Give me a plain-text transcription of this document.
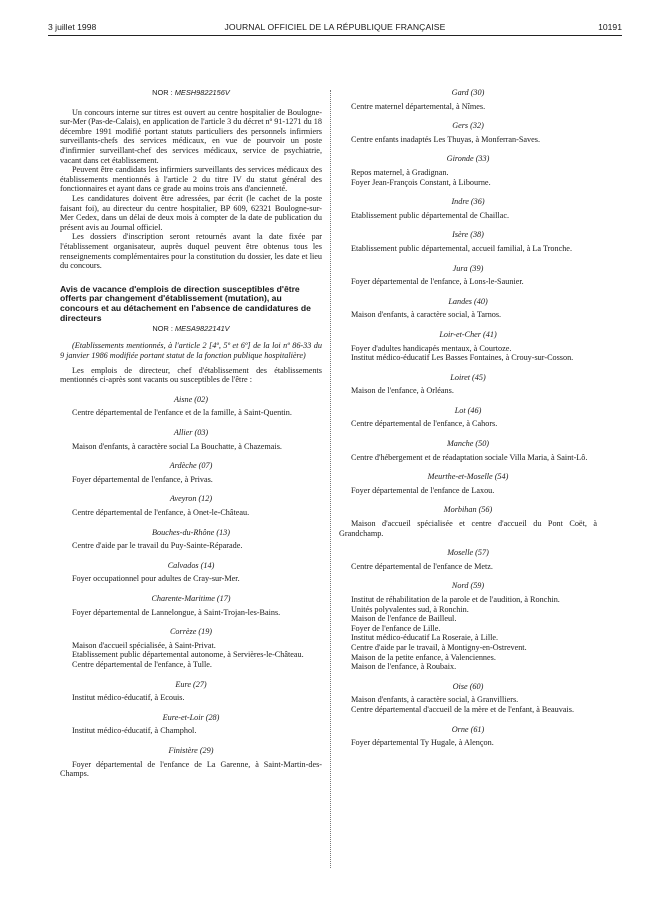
3 juillet 1998	JOURNAL OFFICIEL DE LA RÉPUBLIQUE FRANÇAISE	10191

NOR : MESH9822156V

Un concours interne sur titres est ouvert au centre hospitalier de Boulogne-sur-Mer (Pas-de-Calais), en application de l'article 3 du décret nº 91-1271 du 18 décembre 1991 modifié portant statuts particuliers des personnels infirmiers surveillants-chefs des services médicaux, en vue de pourvoir un poste d'infirmier surveillant-chef des services médicaux, service de psychiatrie, vacant dans cet établissement.

Peuvent être candidats les infirmiers surveillants des services médicaux des établissements mentionnés à l'article 2 du titre IV du statut général des fonctionnaires et ayant dans ce grade au moins trois ans d'ancienneté.

Les candidatures doivent être adressées, par écrit (le cachet de la poste faisant foi), au directeur du centre hospitalier, BP 609, 62321 Boulogne-sur-Mer Cedex, dans un délai de deux mois à compter de la date de publication du présent avis au Journal officiel.

Les dossiers d'inscription seront retournés avant la date fixée par l'établissement organisateur, auprès duquel peuvent être obtenus tous les renseignements complémentaires pour la constitution du dossier, les date et lieu du concours.

Avis de vacance d'emplois de direction susceptibles d'être offerts par changement d'établissement (mutation), au concours et au détachement en l'absence de candidatures de directeurs

NOR : MESA9822141V

(Etablissements mentionnés, à l'article 2 [4º, 5º et 6º] de la loi nº 86-33 du 9 janvier 1986 modifiée portant statut de la fonction publique hospitalière)

Les emplois de directeur, chef d'établissement des établissements mentionnés ci-après sont vacants ou susceptibles de l'être :

Aisne (02)

Centre départemental de l'enfance et de la famille, à Saint-Quentin.

Allier (03)

Maison d'enfants, à caractère social La Bouchatte, à Chazemais.

Ardèche (07)

Foyer départemental de l'enfance, à Privas.

Aveyron (12)

Centre départemental de l'enfance, à Onet-le-Château.

Bouches-du-Rhône (13)

Centre d'aide par le travail du Puy-Sainte-Réparade.

Calvados (14)

Foyer occupationnel pour adultes de Cray-sur-Mer.

Charente-Maritime (17)

Foyer départemental de Lannelongue, à Saint-Trojan-les-Bains.

Corrèze (19)

Maison d'accueil spécialisée, à Saint-Privat.

Etablissement public départemental autonome, à Servières-le-Château.

Centre départemental de l'enfance, à Tulle.

Eure (27)

Institut médico-éducatif, à Ecouis.

Eure-et-Loir (28)

Institut médico-éducatif, à Champhol.

Finistère (29)

Foyer départemental de l'enfance de La Garenne, à Saint-Martin-des-Champs.

Gard (30)

Centre maternel départemental, à Nîmes.

Gers (32)

Centre enfants inadaptés Les Thuyas, à Monferran-Saves.

Gironde (33)

Repos maternel, à Gradignan.

Foyer Jean-François Constant, à Libourne.

Indre (36)

Etablissement public départemental de Chaillac.

Isère (38)

Etablissement public départemental, accueil familial, à La Tronche.

Jura (39)

Foyer départemental de l'enfance, à Lons-le-Saunier.

Landes (40)

Maison d'enfants, à caractère social, à Tarnos.

Loir-et-Cher (41)

Foyer d'adultes handicapés mentaux, à Courtoze.

Institut médico-éducatif Les Basses Fontaines, à Crouy-sur-Cosson.

Loiret (45)

Maison de l'enfance, à Orléans.

Lot (46)

Centre départemental de l'enfance, à Cahors.

Manche (50)

Centre d'hébergement et de réadaptation sociale Villa Maria, à Saint-Lô.

Meurthe-et-Moselle (54)

Foyer départemental de l'enfance de Laxou.

Morbihan (56)

Maison d'accueil spécialisée et centre d'accueil du Pont Coët, à Grandchamp.

Moselle (57)

Centre départemental de l'enfance de Metz.

Nord (59)

Institut de réhabilitation de la parole et de l'audition, à Ronchin.

Unités polyvalentes sud, à Ronchin.

Maison de l'enfance de Bailleul.

Foyer de l'enfance de Lille.

Institut médico-éducatif La Roseraie, à Lille.

Centre d'aide par le travail, à Montigny-en-Ostrevent.

Maison de la petite enfance, à Valenciennes.

Maison de l'enfance, à Roubaix.

Oise (60)

Maison d'enfants, à caractère social, à Granvilliers.

Centre départemental d'accueil de la mère et de l'enfant, à Beauvais.

Orne (61)

Foyer départemental Ty Hugale, à Alençon.
